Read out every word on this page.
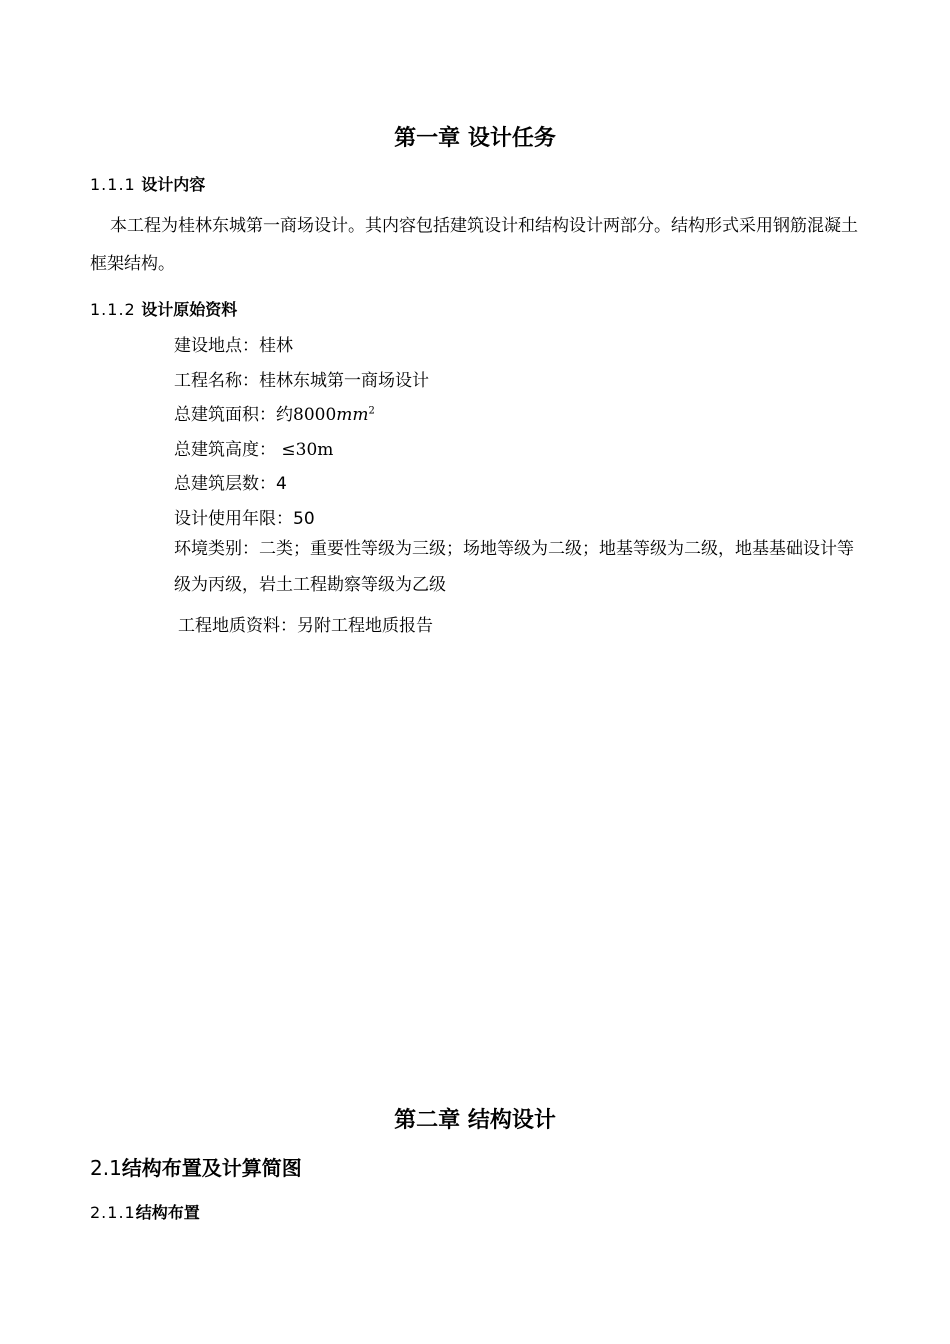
第一章 设计任务
1.1.1 设计内容
本工程为桂林东城第一商场设计。其内容包括建筑设计和结构设计两部分。结构形式采用钢筋混凝土框架结构。
1.1.2 设计原始资料
建设地点：桂林
工程名称：桂林东城第一商场设计
总建筑面积：约$8000mm^2$
总建筑高度： ≤30m
总建筑层数：4
设计使用年限：50
环境类别：二类；重要性等级为三级；场地等级为二级；地基等级为二级，地基基础设计等级为丙级，岩土工程勘察等级为乙级
工程地质资料：另附工程地质报告
第二章 结构设计
2.1结构布置及计算简图
2.1.1结构布置
